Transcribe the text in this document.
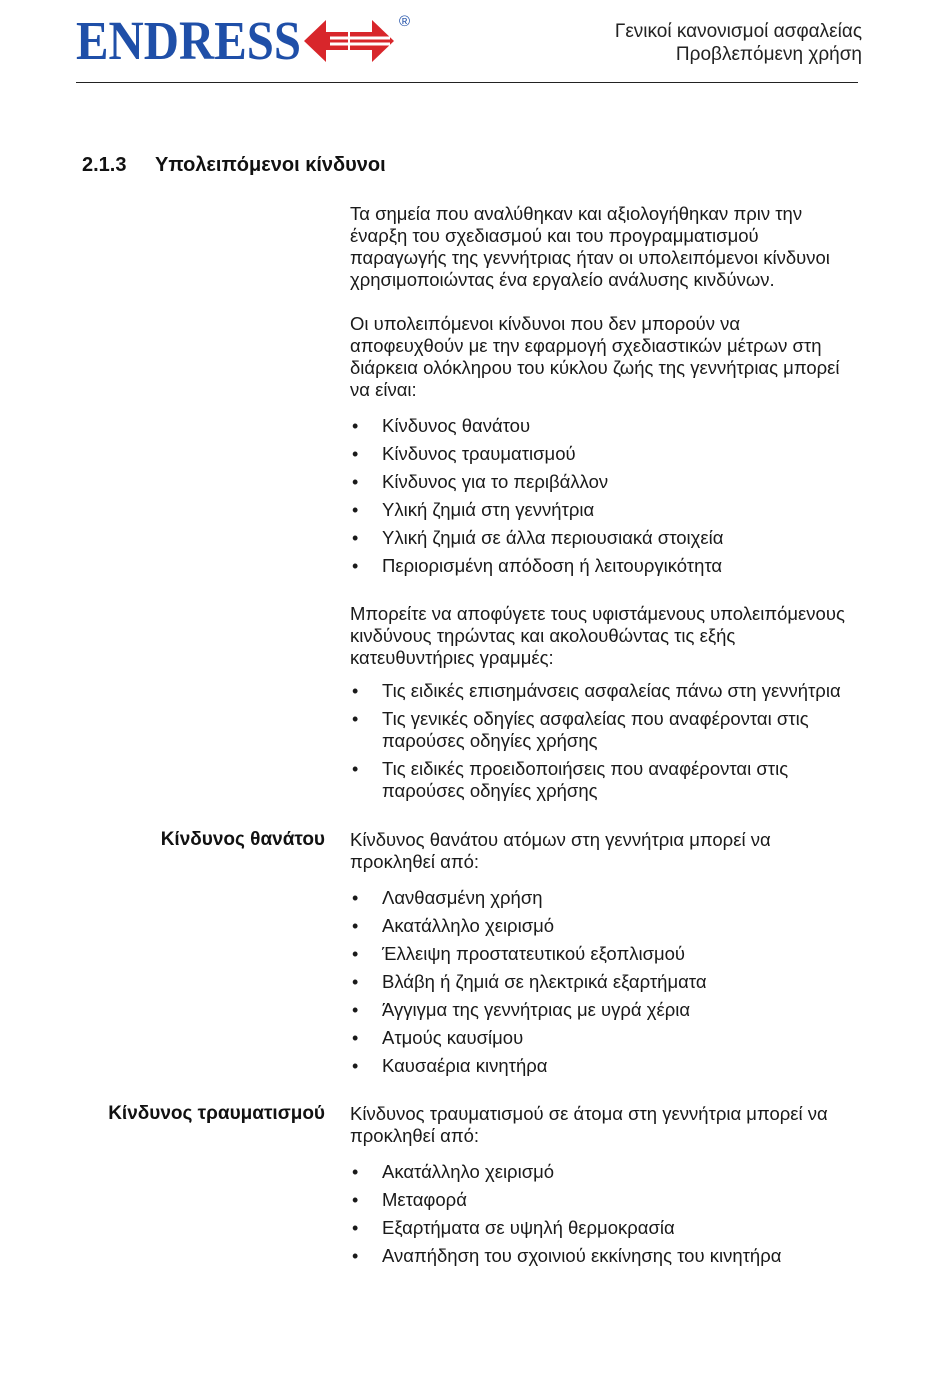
ENDRESS	®	Γενικοί κανονισμοί ασφαλείας
Προβλεπόμενη χρήση
2.1.3 Υπολειπόμενοι κίνδυνοι
Τα σημεία που αναλύθηκαν και αξιολογήθηκαν πριν την
έναρξη του σχεδιασμού και του προγραμματισμού
παραγωγής της γεννήτριας ήταν οι υπολειπόμενοι κίνδυνοι
χρησιμοποιώντας ένα εργαλείο ανάλυσης κινδύνων.
Οι υπολειπόμενοι κίνδυνοι που δεν μπορούν να
αποφευχθούν με την εφαρμογή σχεδιαστικών μέτρων στη
διάρκεια ολόκληρου του κύκλου ζωής της γεννήτριας μπορεί
να είναι:
• Κίνδυνος θανάτου
• Κίνδυνος τραυματισμού
• Κίνδυνος για το περιβάλλον
• Υλική ζημιά στη γεννήτρια
• Υλική ζημιά σε άλλα περιουσιακά στοιχεία
• Περιορισμένη απόδοση ή λειτουργικότητα
Μπορείτε να αποφύγετε τους υφιστάμενους υπολειπόμενους
κινδύνους τηρώντας και ακολουθώντας τις εξής
κατευθυντήριες γραμμές:
• Τις ειδικές επισημάνσεις ασφαλείας πάνω στη γεννήτρια
• Τις γενικές οδηγίες ασφαλείας που αναφέρονται στις
παρούσες οδηγίες χρήσης
• Τις ειδικές προειδοποιήσεις που αναφέρονται στις
παρούσες οδηγίες χρήσης
Κίνδυνος θανάτου Κίνδυνος θανάτου ατόμων στη γεννήτρια μπορεί να
προκληθεί από:
• Λανθασμένη χρήση
• Ακατάλληλο χειρισμό
• Έλλειψη προστατευτικού εξοπλισμού
• Βλάβη ή ζημιά σε ηλεκτρικά εξαρτήματα
• Άγγιγμα της γεννήτριας με υγρά χέρια
• Ατμούς καυσίμου
• Καυσαέρια κινητήρα
Κίνδυνος τραυματισμού Κίνδυνος τραυματισμού σε άτομα στη γεννήτρια μπορεί να
προκληθεί από:
• Ακατάλληλο χειρισμό
• Μεταφορά
• Εξαρτήματα σε υψηλή θερμοκρασία
• Αναπήδηση του σχοινιού εκκίνησης του κινητήρα
